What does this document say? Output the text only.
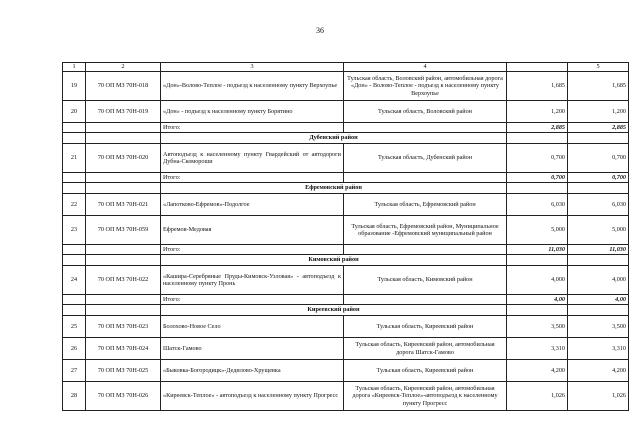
36
1	2	3	4		5
19	70 ОП МЗ 70Н-018	«Дон»-Волово-Теплое - подъезд к населенному пункту Верхоупье	Тульская область, Воловский район, автомобильная дорога «Дон» - Волово-Теплое - подъезд к населенному пункту Верхоупье	1,685	1,685
20	70 ОП МЗ 70Н-019	«Дон» - подъезд к населенному пункту Борятино	Тульская область, Воловский район	1,200	1,200
		Итого:		2,885	2,885
		Дубенский район			
21	70 ОП МЗ 70Н-020	Автоподъезд к населенному пункту Гвардейский от автодороги Дубна-Скомороши	Тульская область, Дубенский район	0,700	0,700
		Итого:		0,700	0,700
		Ефремовский район			
22	70 ОП МЗ 70Н-021	«Лапотково-Ефремов»-Подолгое	Тульская область, Ефремовский район	6,030	6,030
23	70 ОП МЗ 70Н-059	Ефремов-Медовая	Тульская область, Ефремовский район, Муниципальное образование -Ефремовский муниципальный район	5,000	5,000
		Итого:		11,030	11,030
		Кимовский район			
24	70 ОП МЗ 70Н-022	«Кашира-Серебряные Пруды-Кимовск-Узловая» - автоподъезд к населенному пункту Пронь	Тульская область, Кимовский район	4,000	4,000
		Итого:		4,00	4,00
		Киреевский район			
25	70 ОП МЗ 70Н-023	Болохово-Новое Село	Тульская область, Киреевский район	3,500	3,500
26	70 ОП МЗ 70Н-024	Шатск-Гамово	Тульская область, Киреевский район, автомобильная дорога Шатск-Гамово	3,310	3,310
27	70 ОП МЗ 70Н-025	«Быковка-Богородицк»-Дедилово-Хрущевка	Тульская область, Киреевский район	4,200	4,200
28	70 ОП МЗ 70Н-026	«Киреевск-Теплое» - автоподъезд к населенному пункту Прогресс	Тульская область, Киреевский район, автомобильная дорога «Киреевск-Теплое»-автоподъезд к населенному пункту Прогресс	1,026	1,026
